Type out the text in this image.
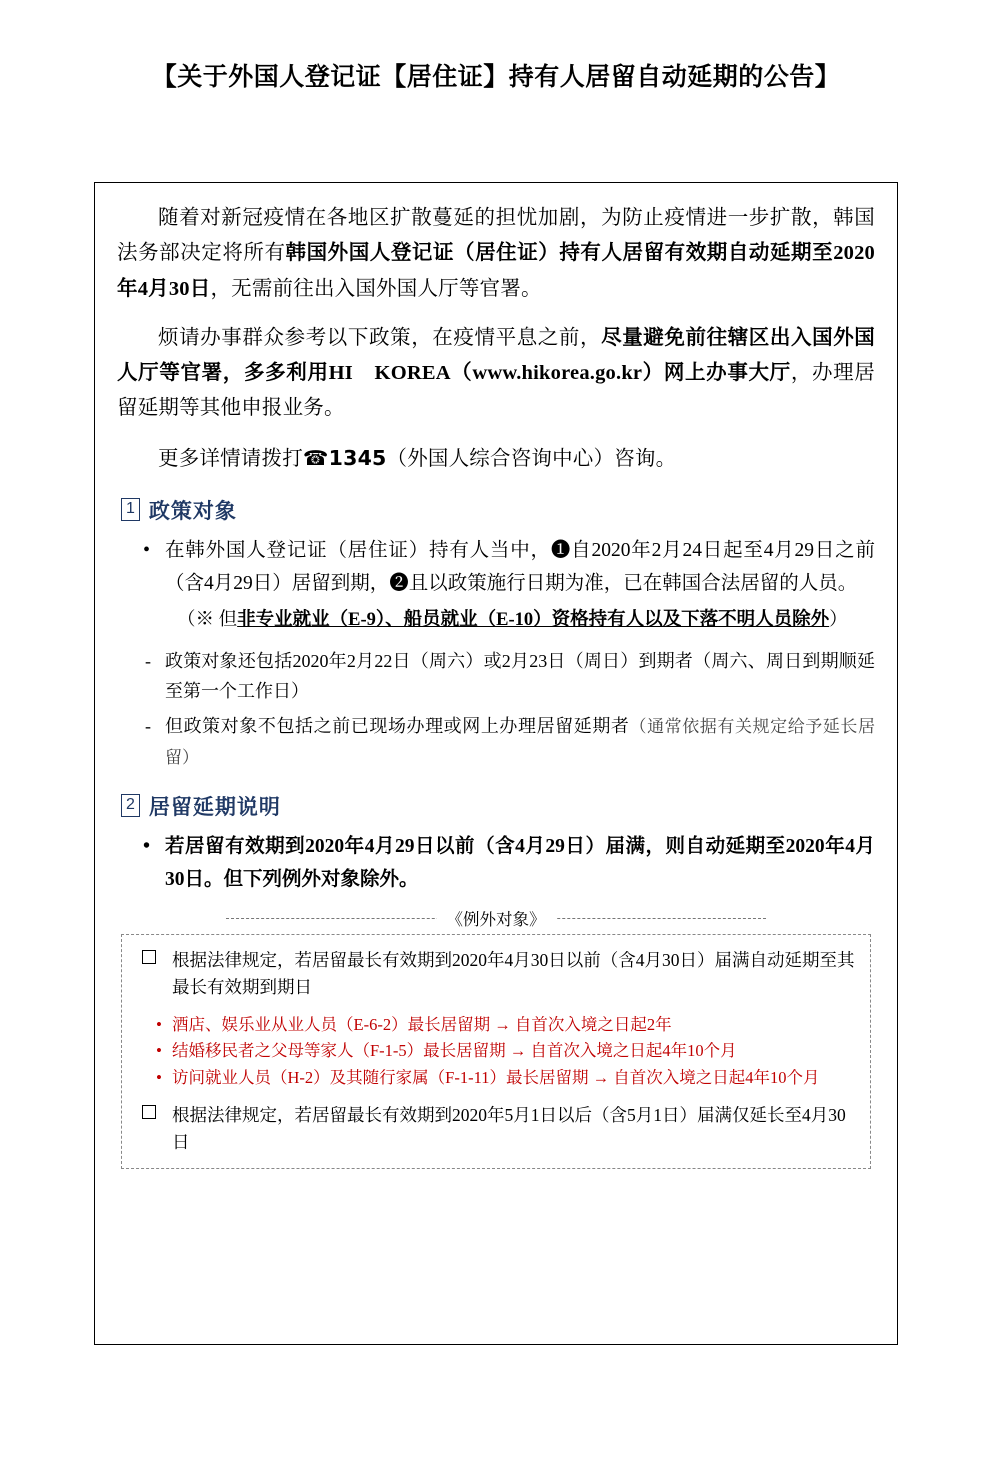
【关于外国人登记证【居住证】持有人居留自动延期的公告】

随着对新冠疫情在各地区扩散蔓延的担忧加剧，为防止疫情进一步扩散，韩国法务部决定将所有韩国外国人登记证（居住证）持有人居留有效期自动延期至2020年4月30日，无需前往出入国外国人厅等官署。

烦请办事群众参考以下政策，在疫情平息之前，尽量避免前往辖区出入国外国人厅等官署，多多利用HI　KOREA（www.hikorea.go.kr）网上办事大厅，办理居留延期等其他申报业务。

更多详情请拨打☎1345（外国人综合咨询中心）咨询。

1 政策对象
• 在韩外国人登记证（居住证）持有人当中，❶自2020年2月24日起至4月29日之前（含4月29日）居留到期，❷且以政策施行日期为准，已在韩国合法居留的人员。
（※ 但非专业就业（E-9）、船员就业（E-10）资格持有人以及下落不明人员除外）
- 政策对象还包括2020年2月22日（周六）或2月23日（周日）到期者（周六、周日到期顺延至第一个工作日）
- 但政策对象不包括之前已现场办理或网上办理居留延期者（通常依据有关规定给予延长居留）
2 居留延期说明
• 若居留有效期到2020年4月29日以前（含4月29日）届满，则自动延期至2020年4月30日。但下列例外对象除外。
《例外对象》
根据法律规定，若居留最长有效期到2020年4月30日以前（含4月30日）届满自动延期至其最长有效期到期日
• 酒店、娱乐业从业人员（E-6-2）最长居留期 → 自首次入境之日起2年
• 结婚移民者之父母等家人（F-1-5）最长居留期 → 自首次入境之日起4年10个月
• 访问就业人员（H-2）及其随行家属（F-1-11）最长居留期 → 自首次入境之日起4年10个月
根据法律规定，若居留最长有效期到2020年5月1日以后（含5月1日）届满仅延长至4月30日
